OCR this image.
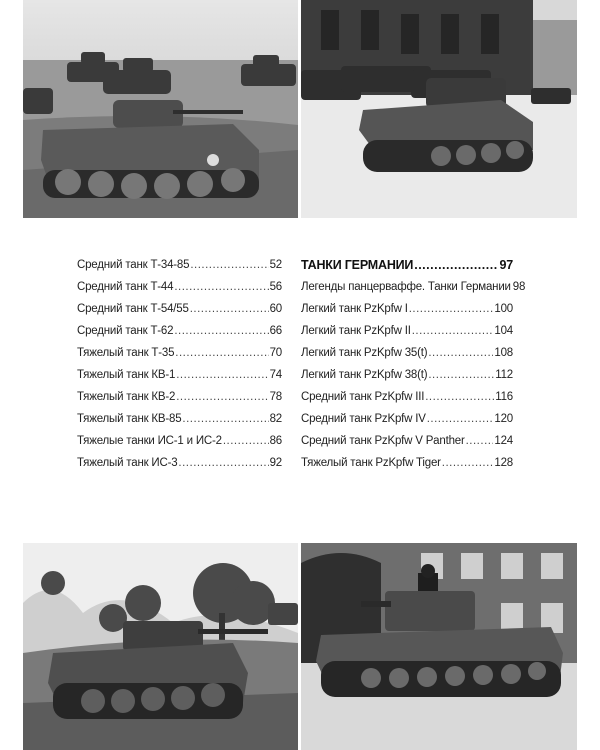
Средний танк Т-34-85 .....	52
Средний танк Т-44 .....	56
Средний танк Т-54/55 .....	60
Средний танк Т-62 .....	66
Тяжелый танк Т-35 .....	70
Тяжелый танк КВ-1 .....	74
Тяжелый танк КВ-2 .....	78
Тяжелый танк КВ-85 .....	82
Тяжелые танки ИС-1 и ИС-2 .....	86
Тяжелый танк ИС-3 .....	92
ТАНКИ ГЕРМАНИИ .....	97
Легенды панцерваффе. Танки Германии 98
Легкий танк PzKpfw I .....	100
Легкий танк PzKpfw II .....	104
Легкий танк PzKpfw 35(t) .....	108
Легкий танк PzKpfw 38(t) .....	112
Средний танк PzKpfw III .....	116
Средний танк PzKpfw IV .....	120
Средний танк PzKpfw V Panther .....	124
Тяжелый танк PzKpfw Tiger .....	128
